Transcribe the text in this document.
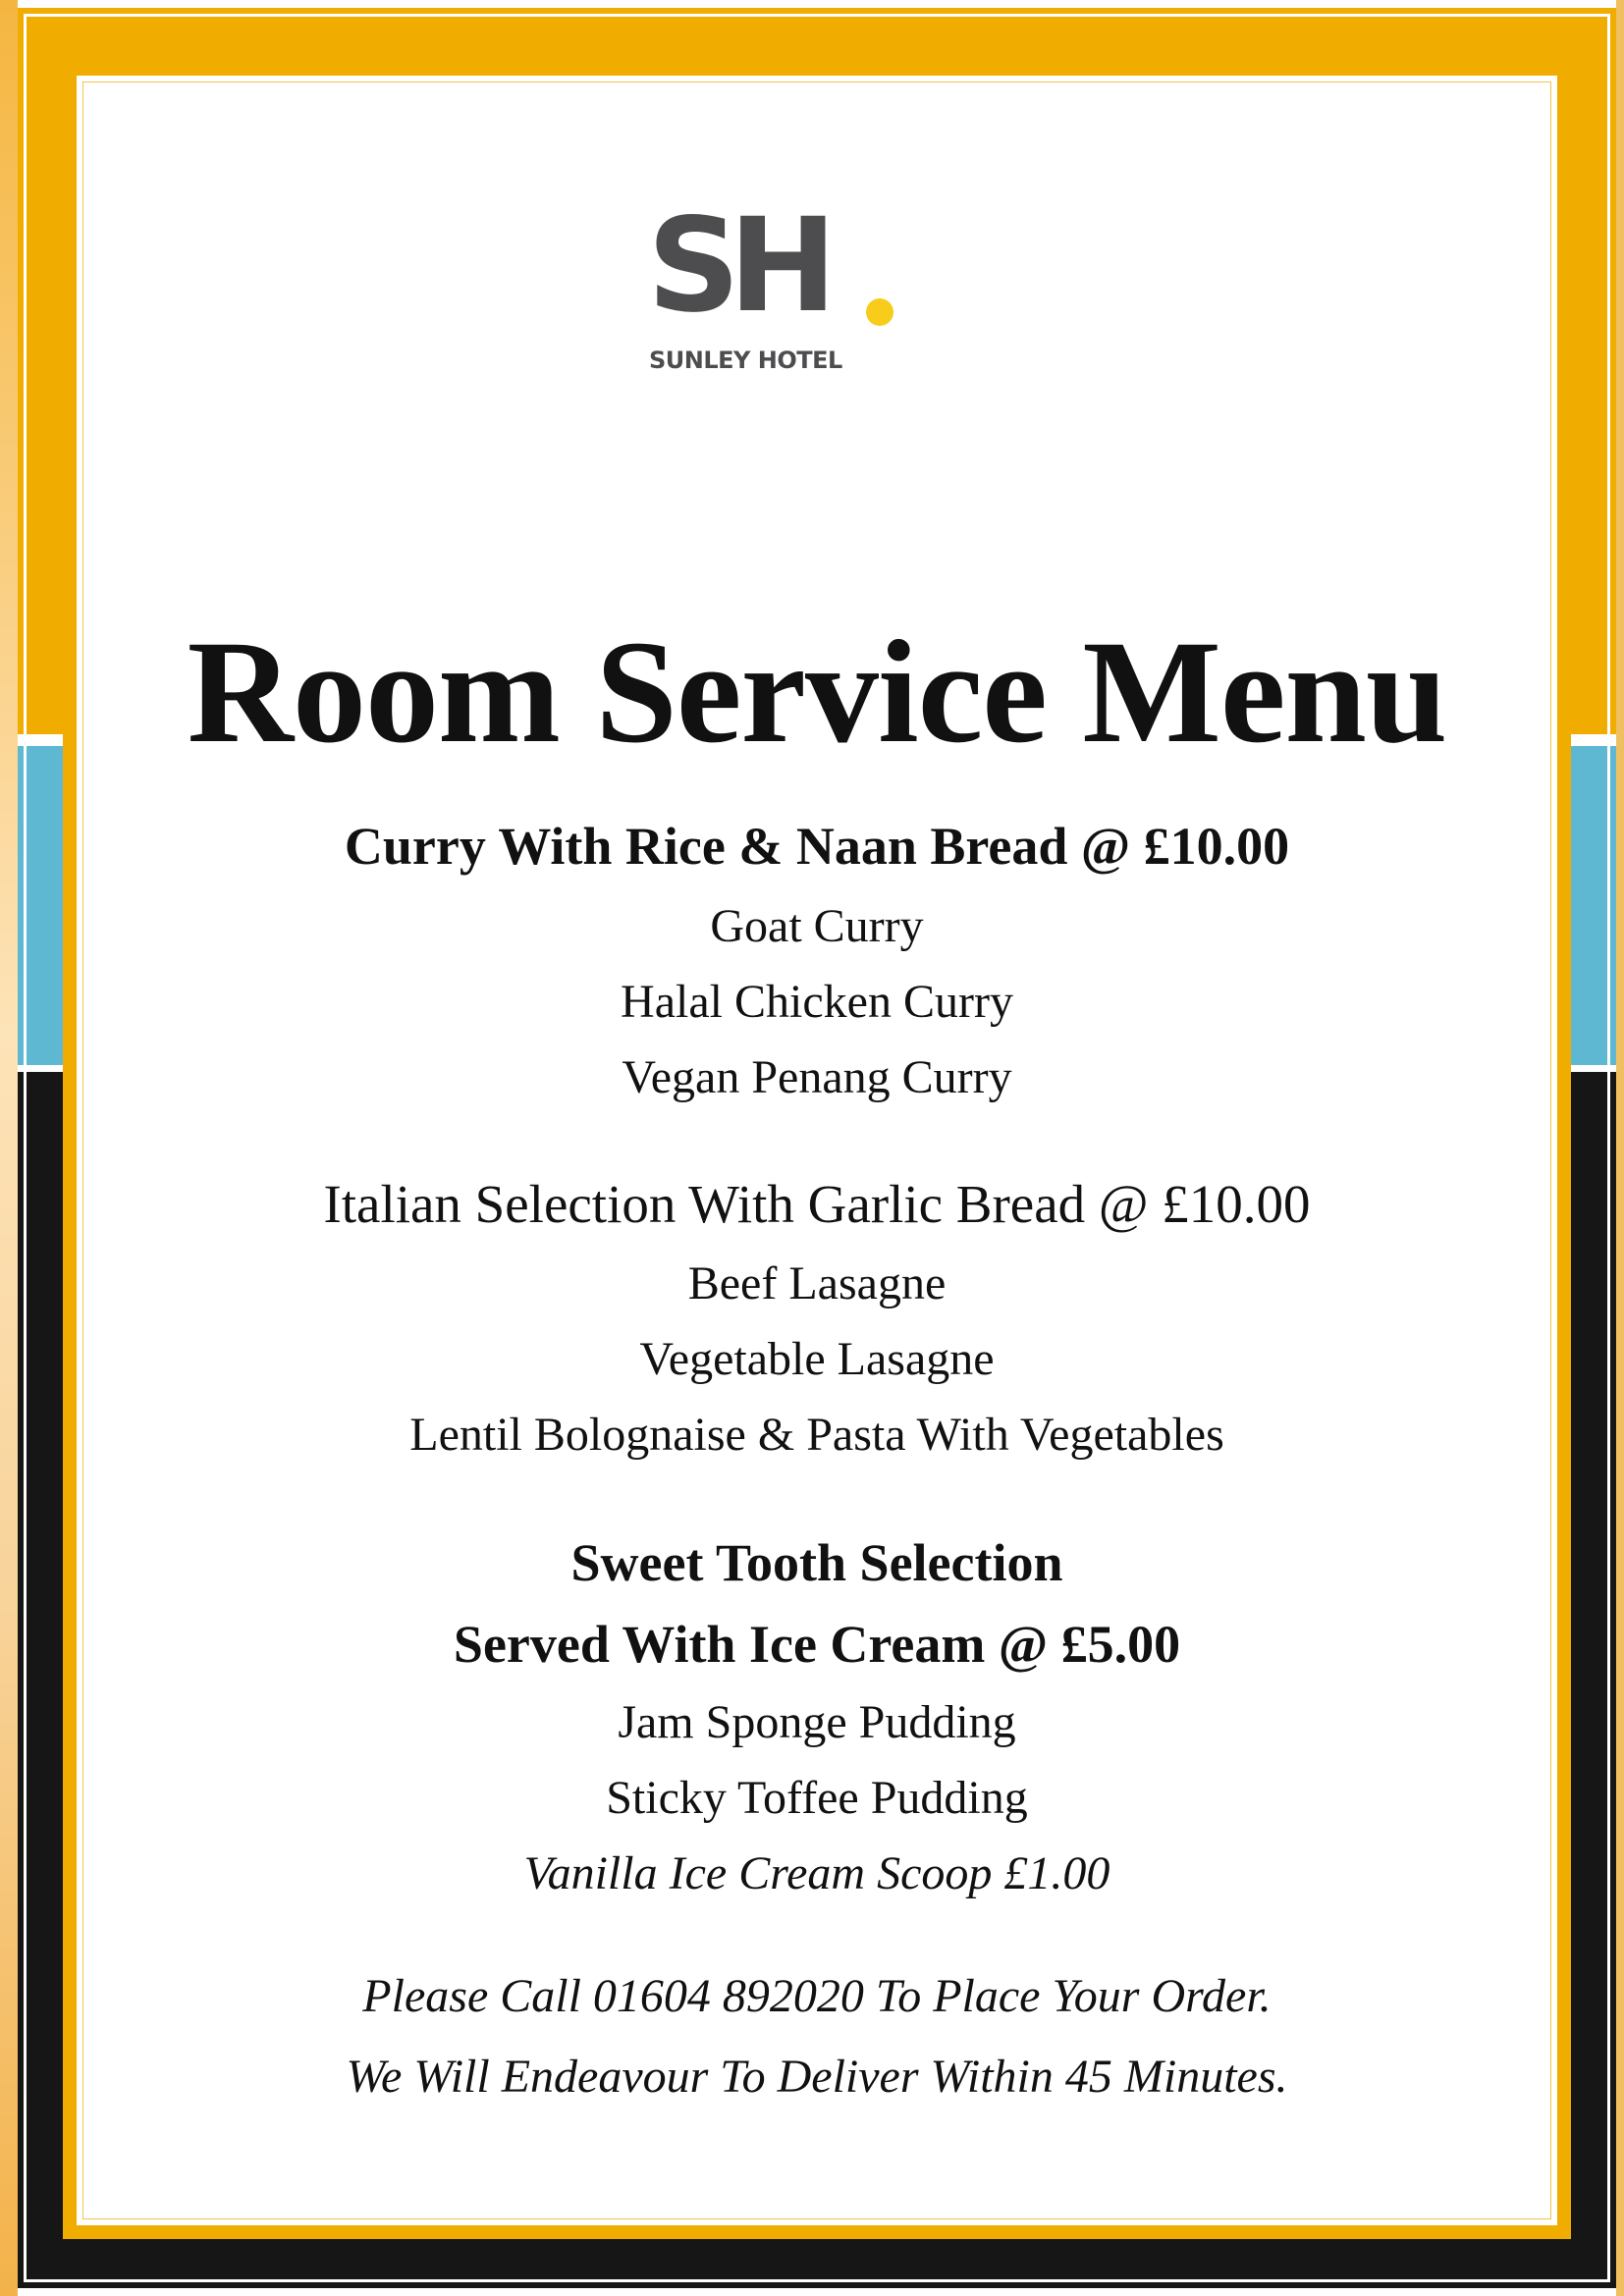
SH
SUNLEY HOTEL
Room Service Menu
Curry With Rice & Naan Bread @ £10.00
Goat Curry
Halal Chicken Curry
Vegan Penang Curry
Italian Selection With Garlic Bread @ £10.00
Beef Lasagne
Vegetable Lasagne
Lentil Bolognaise & Pasta With Vegetables
Sweet Tooth Selection
Served With Ice Cream @ £5.00
Jam Sponge Pudding
Sticky Toffee Pudding
Vanilla Ice Cream Scoop £1.00
Please Call 01604 892020 To Place Your Order.
We Will Endeavour To Deliver Within 45 Minutes.
